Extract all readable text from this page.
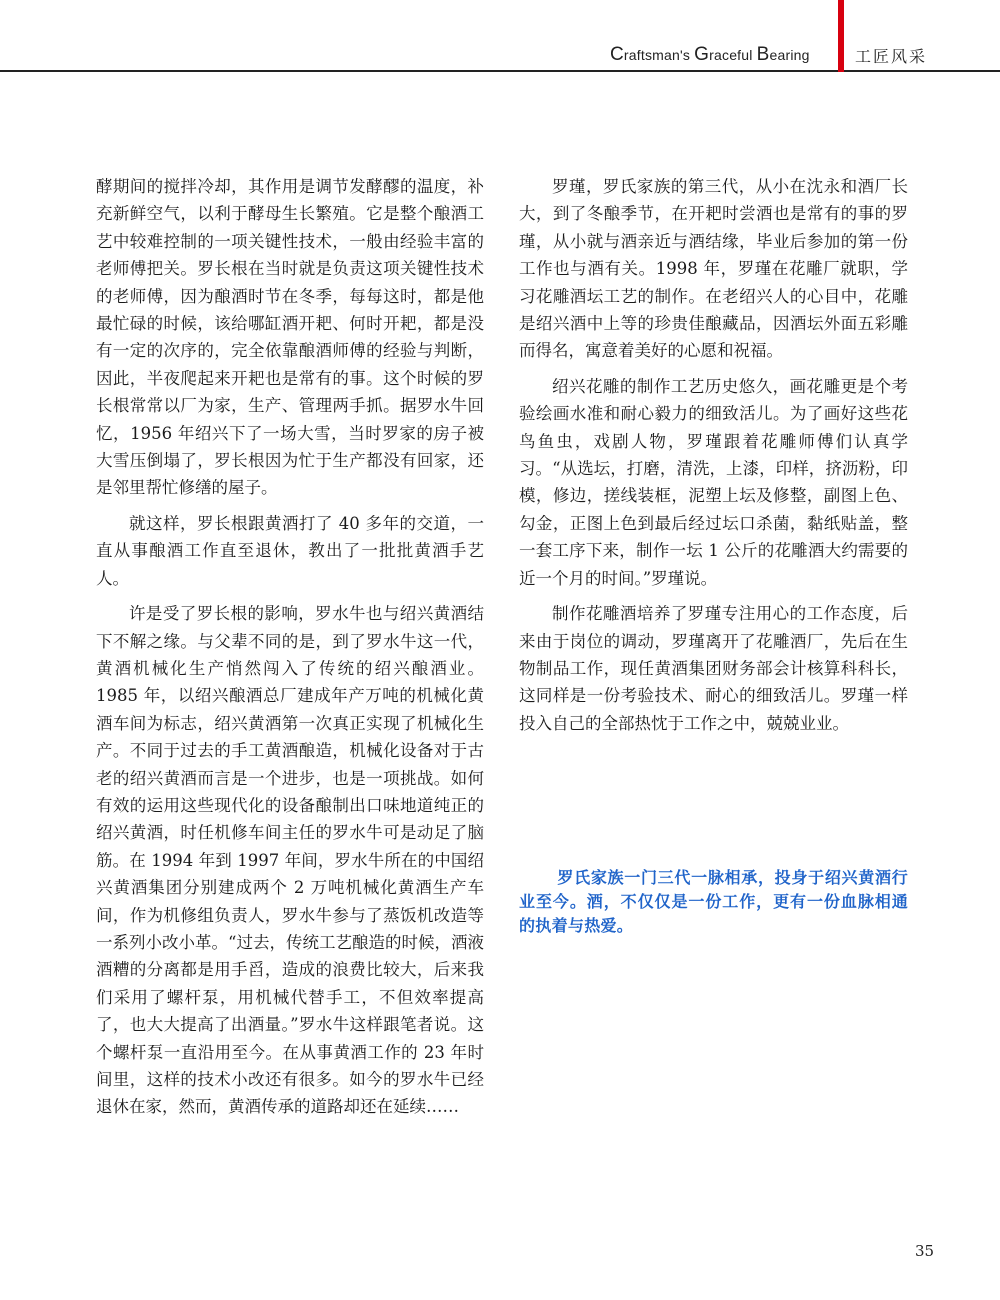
Craftsman's Graceful Bearing	工匠风采

酵期间的搅拌冷却，其作用是调节发酵醪的温度，补充新鲜空气，以利于酵母生长繁殖。它是整个酿酒工艺中较难控制的一项关键性技术，一般由经验丰富的老师傅把关。罗长根在当时就是负责这项关键性技术的老师傅，因为酿酒时节在冬季，每每这时，都是他最忙碌的时候，该给哪缸酒开耙、何时开耙，都是没有一定的次序的，完全依靠酿酒师傅的经验与判断，因此，半夜爬起来开耙也是常有的事。这个时候的罗长根常常以厂为家，生产、管理两手抓。据罗水牛回忆，1956 年绍兴下了一场大雪，当时罗家的房子被大雪压倒塌了，罗长根因为忙于生产都没有回家，还是邻里帮忙修缮的屋子。

就这样，罗长根跟黄酒打了 40 多年的交道，一直从事酿酒工作直至退休，教出了一批批黄酒手艺人。

许是受了罗长根的影响，罗水牛也与绍兴黄酒结下不解之缘。与父辈不同的是，到了罗水牛这一代，黄酒机械化生产悄然闯入了传统的绍兴酿酒业。1985 年，以绍兴酿酒总厂建成年产万吨的机械化黄酒车间为标志，绍兴黄酒第一次真正实现了机械化生产。不同于过去的手工黄酒酿造，机械化设备对于古老的绍兴黄酒而言是一个进步，也是一项挑战。如何有效的运用这些现代化的设备酿制出口味地道纯正的绍兴黄酒，时任机修车间主任的罗水牛可是动足了脑筋。在 1994 年到 1997 年间，罗水牛所在的中国绍兴黄酒集团分别建成两个 2 万吨机械化黄酒生产车间，作为机修组负责人，罗水牛参与了蒸饭机改造等一系列小改小革。“过去，传统工艺酿造的时候，酒液酒糟的分离都是用手舀，造成的浪费比较大，后来我们采用了螺杆泵，用机械代替手工，不但效率提高了，也大大提高了出酒量。”罗水牛这样跟笔者说。这个螺杆泵一直沿用至今。在从事黄酒工作的 23 年时间里，这样的技术小改还有很多。如今的罗水牛已经退休在家，然而，黄酒传承的道路却还在延续……

罗瑾，罗氏家族的第三代，从小在沈永和酒厂长大，到了冬酿季节，在开耙时尝酒也是常有的事的罗瑾，从小就与酒亲近与酒结缘，毕业后参加的第一份工作也与酒有关。1998 年，罗瑾在花雕厂就职，学习花雕酒坛工艺的制作。在老绍兴人的心目中，花雕是绍兴酒中上等的珍贵佳酿藏品，因酒坛外面五彩雕而得名，寓意着美好的心愿和祝福。

绍兴花雕的制作工艺历史悠久，画花雕更是个考验绘画水准和耐心毅力的细致活儿。为了画好这些花鸟鱼虫，戏剧人物，罗瑾跟着花雕师傅们认真学习。“从选坛，打磨，清洗，上漆，印样，挤沥粉，印模，修边，搓线装框，泥塑上坛及修整，副图上色、勾金，正图上色到最后经过坛口杀菌，黏纸贴盖，整一套工序下来，制作一坛 1 公斤的花雕酒大约需要的近一个月的时间。”罗瑾说。

制作花雕酒培养了罗瑾专注用心的工作态度，后来由于岗位的调动，罗瑾离开了花雕酒厂，先后在生物制品工作，现任黄酒集团财务部会计核算科科长，这同样是一份考验技术、耐心的细致活儿。罗瑾一样投入自己的全部热忱于工作之中，兢兢业业。

罗氏家族一门三代一脉相承，投身于绍兴黄酒行业至今。酒，不仅仅是一份工作，更有一份血脉相通的执着与热爱。
35
